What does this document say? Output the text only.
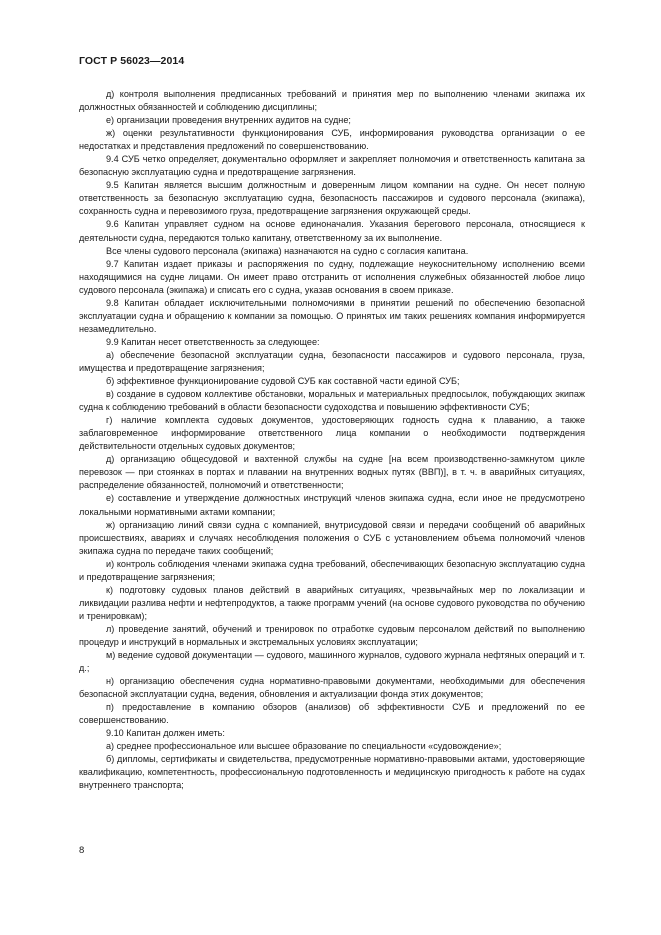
ГОСТ Р 56023—2014

д) контроля выполнения предписанных требований и принятия мер по выполнению членами экипажа их должностных обязанностей и соблюдению дисциплины;

е) организации проведения внутренних аудитов на судне;

ж) оценки результативности функционирования СУБ, информирования руководства организации о ее недостатках и представления предложений по совершенствованию.

9.4 СУБ четко определяет, документально оформляет и закрепляет полномочия и ответственность капитана за безопасную эксплуатацию судна и предотвращение загрязнения.

9.5 Капитан является высшим должностным и доверенным лицом компании на судне. Он несет полную ответственность за безопасную эксплуатацию судна, безопасность пассажиров и судового персонала (экипажа), сохранность судна и перевозимого груза, предотвращение загрязнения окружающей среды.

9.6 Капитан управляет судном на основе единоначалия. Указания берегового персонала, относящиеся к деятельности судна, передаются только капитану, ответственному за их выполнение.

Все члены судового персонала (экипажа) назначаются на судно с согласия капитана.

9.7 Капитан издает приказы и распоряжения по судну, подлежащие неукоснительному исполнению всеми находящимися на судне лицами. Он имеет право отстранить от исполнения служебных обязанностей любое лицо судового персонала (экипажа) и списать его с судна, указав основания в своем приказе.

9.8 Капитан обладает исключительными полномочиями в принятии решений по обеспечению безопасной эксплуатации судна и обращению к компании за помощью. О принятых им таких решениях компания информируется незамедлительно.

9.9 Капитан несет ответственность за следующее:

а) обеспечение безопасной эксплуатации судна, безопасности пассажиров и судового персонала, груза, имущества и предотвращение загрязнения;

б) эффективное функционирование судовой СУБ как составной части единой СУБ;

в) создание в судовом коллективе обстановки, моральных и материальных предпосылок, побуждающих экипаж судна к соблюдению требований в области безопасности судоходства и повышению эффективности СУБ;

г) наличие комплекта судовых документов, удостоверяющих годность судна к плаванию, а также заблаговременное информирование ответственного лица компании о необходимости подтверждения действительности отдельных судовых документов;

д) организацию общесудовой и вахтенной службы на судне [на всем производственно-замкнутом цикле перевозок — при стоянках в портах и плавании на внутренних водных путях (ВВП)], в т. ч. в аварийных ситуациях, распределение обязанностей, полномочий и ответственности;

е) составление и утверждение должностных инструкций членов экипажа судна, если иное не предусмотрено локальными нормативными актами компании;

ж) организацию линий связи судна с компанией, внутрисудовой связи и передачи сообщений об аварийных происшествиях, авариях и случаях несоблюдения положения о СУБ с установлением объема полномочий членов экипажа судна по передаче таких сообщений;

и) контроль соблюдения членами экипажа судна требований, обеспечивающих безопасную эксплуатацию судна и предотвращение загрязнения;

к) подготовку судовых планов действий в аварийных ситуациях, чрезвычайных мер по локализации и ликвидации разлива нефти и нефтепродуктов, а также программ учений (на основе судового руководства по обучению и тренировкам);

л) проведение занятий, обучений и тренировок по отработке судовым персоналом действий по выполнению процедур и инструкций в нормальных и экстремальных условиях эксплуатации;

м) ведение судовой документации — судового, машинного журналов, судового журнала нефтяных операций и т. д.;

н) организацию обеспечения судна нормативно-правовыми документами, необходимыми для обеспечения безопасной эксплуатации судна, ведения, обновления и актуализации фонда этих документов;

п) предоставление в компанию обзоров (анализов) об эффективности СУБ и предложений по ее совершенствованию.

9.10 Капитан должен иметь:

а) среднее профессиональное или высшее образование по специальности «судовождение»;

б) дипломы, сертификаты и свидетельства, предусмотренные нормативно-правовыми актами, удостоверяющие квалификацию, компетентность, профессиональную подготовленность и медицинскую пригодность к работе на судах внутреннего транспорта;

8
